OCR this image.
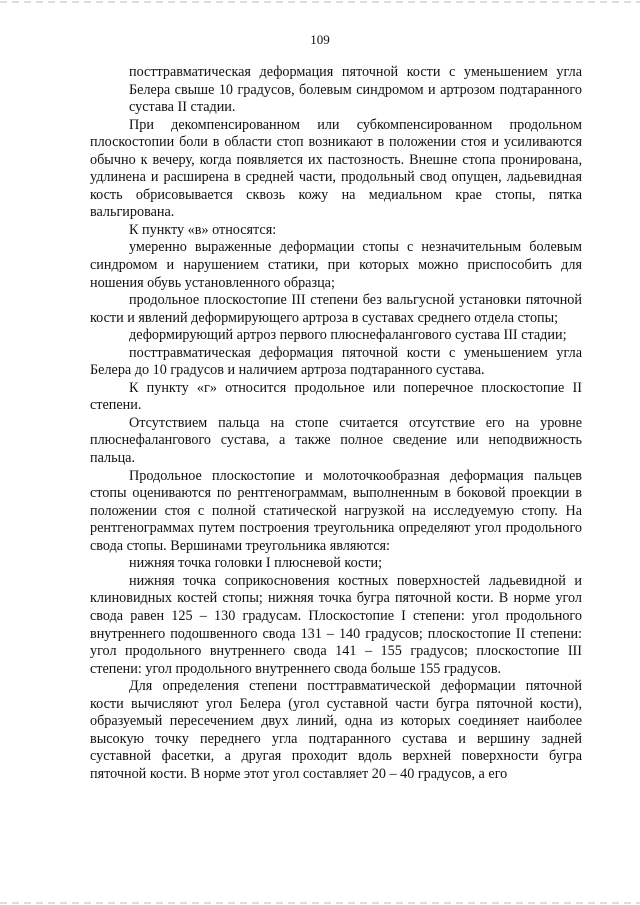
109

посттравматическая деформация пяточной кости с уменьшением угла Белера свыше 10 градусов, болевым синдромом и артрозом подтаранного сустава II стадии.

При декомпенсированном или субкомпенсированном продольном плоскостопии боли в области стоп возникают в положении стоя и усиливаются обычно к вечеру, когда появляется их пастозность. Внешне стопа пронирована, удлинена и расширена в средней части, продольный свод опущен, ладьевидная кость обрисовывается сквозь кожу на медиальном крае стопы, пятка вальгирована.

К пункту «в» относятся:

умеренно выраженные деформации стопы с незначительным болевым синдромом и нарушением статики, при которых можно приспособить для ношения обувь установленного образца;

продольное плоскостопие III степени без вальгусной установки пяточной кости и явлений деформирующего артроза в суставах среднего отдела стопы;

деформирующий артроз первого плюснефалангового сустава III стадии;

посттравматическая деформация пяточной кости с уменьшением угла Белера до 10 градусов и наличием артроза подтаранного сустава.

К пункту «г» относится продольное или поперечное плоскостопие II степени.

Отсутствием пальца на стопе считается отсутствие его на уровне плюснефалангового сустава, а также полное сведение или неподвижность пальца.

Продольное плоскостопие и молоточкообразная деформация пальцев стопы оцениваются по рентгенограммам, выполненным в боковой проекции в положении стоя с полной статической нагрузкой на исследуемую стопу. На рентгенограммах путем построения треугольника определяют угол продольного свода стопы. Вершинами треугольника являются:

нижняя точка головки I плюсневой кости;

нижняя точка соприкосновения костных поверхностей ладьевидной и клиновидных костей стопы; нижняя точка бугра пяточной кости. В норме угол свода равен 125 – 130 градусам. Плоскостопие I степени: угол продольного внутреннего подошвенного свода 131 – 140 градусов; плоскостопие II степени: угол продольного внутреннего свода 141 – 155 градусов; плоскостопие III степени: угол продольного внутреннего свода больше 155 градусов.

Для определения степени посттравматической деформации пяточной кости вычисляют угол Белера (угол суставной части бугра пяточной кости), образуемый пересечением двух линий, одна из которых соединяет наиболее высокую точку переднего угла подтаранного сустава и вершину задней суставной фасетки, а другая проходит вдоль верхней поверхности бугра пяточной кости. В норме этот угол составляет 20 – 40 градусов, а его
